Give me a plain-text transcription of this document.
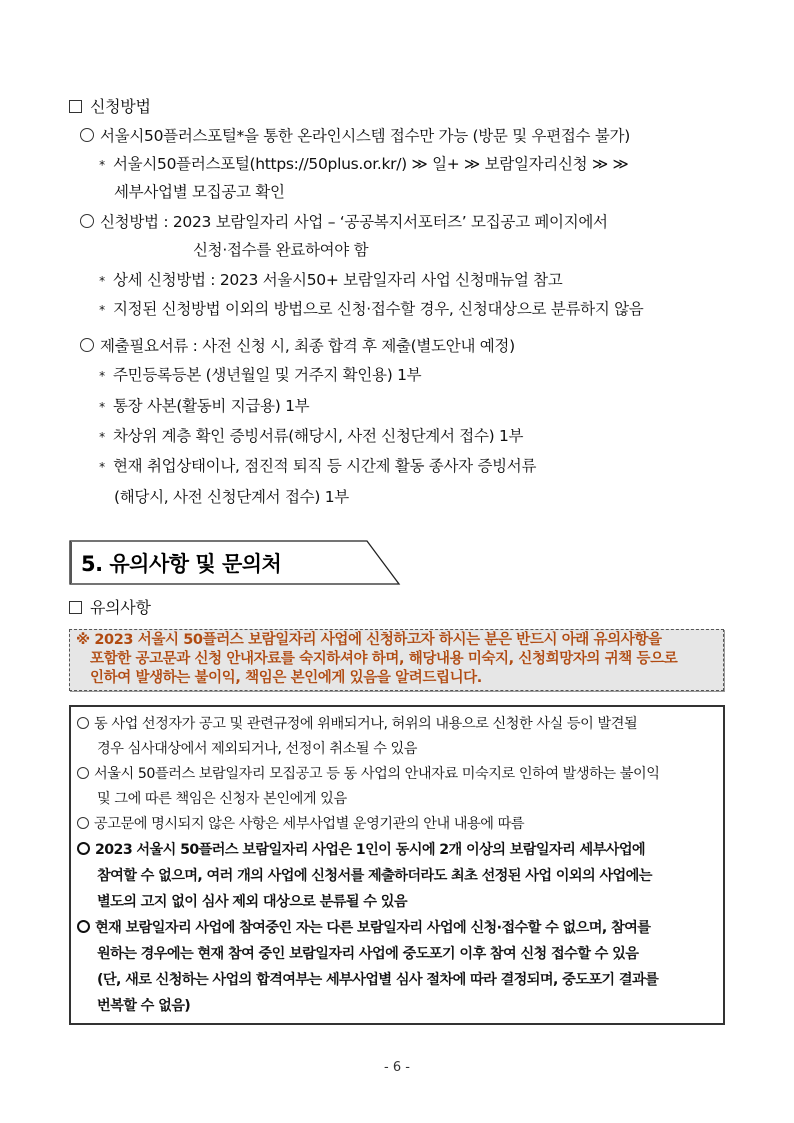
신청방법
서울시50플러스포털*을 통한 온라인시스템 접수만 가능 (방문 및 우편접수 불가)
* 서울시50플러스포털(https://50plus.or.kr/) ≫ 일+ ≫ 보람일자리신청 ≫ ≫
세부사업별 모집공고 확인
신청방법 : 2023 보람일자리 사업 – ‘공공복지서포터즈’ 모집공고 페이지에서
신청·접수를 완료하여야 함
* 상세 신청방법 : 2023 서울시50+ 보람일자리 사업 신청매뉴얼 참고
* 지정된 신청방법 이외의 방법으로 신청·접수할 경우, 신청대상으로 분류하지 않음
제출필요서류 : 사전 신청 시, 최종 합격 후 제출(별도안내 예정)
* 주민등록등본 (생년월일 및 거주지 확인용) 1부
* 통장 사본(활동비 지급용) 1부
* 차상위 계층 확인 증빙서류(해당시, 사전 신청단계서 접수) 1부
* 현재 취업상태이나, 점진적 퇴직 등 시간제 활동 종사자 증빙서류
(해당시, 사전 신청단계서 접수) 1부
5. 유의사항 및 문의처
유의사항
※ 2023 서울시 50플러스 보람일자리 사업에 신청하고자 하시는 분은 반드시 아래 유의사항을
포함한 공고문과 신청 안내자료를 숙지하셔야 하며, 해당내용 미숙지, 신청희망자의 귀책 등으로
인하여 발생하는 불이익, 책임은 본인에게 있음을 알려드립니다.
동 사업 선정자가 공고 및 관련규정에 위배되거나, 허위의 내용으로 신청한 사실 등이 발견될
경우 심사대상에서 제외되거나, 선정이 취소될 수 있음
서울시 50플러스 보람일자리 모집공고 등 동 사업의 안내자료 미숙지로 인하여 발생하는 불이익
및 그에 따른 책임은 신청자 본인에게 있음
공고문에 명시되지 않은 사항은 세부사업별 운영기관의 안내 내용에 따름
2023 서울시 50플러스 보람일자리 사업은 1인이 동시에 2개 이상의 보람일자리 세부사업에
참여할 수 없으며, 여러 개의 사업에 신청서를 제출하더라도 최초 선정된 사업 이외의 사업에는
별도의 고지 없이 심사 제외 대상으로 분류될 수 있음
현재 보람일자리 사업에 참여중인 자는 다른 보람일자리 사업에 신청·접수할 수 없으며, 참여를
원하는 경우에는 현재 참여 중인 보람일자리 사업에 중도포기 이후 참여 신청 접수할 수 있음
(단, 새로 신청하는 사업의 합격여부는 세부사업별 심사 절차에 따라 결정되며, 중도포기 결과를
번복할 수 없음)
- 6 -
